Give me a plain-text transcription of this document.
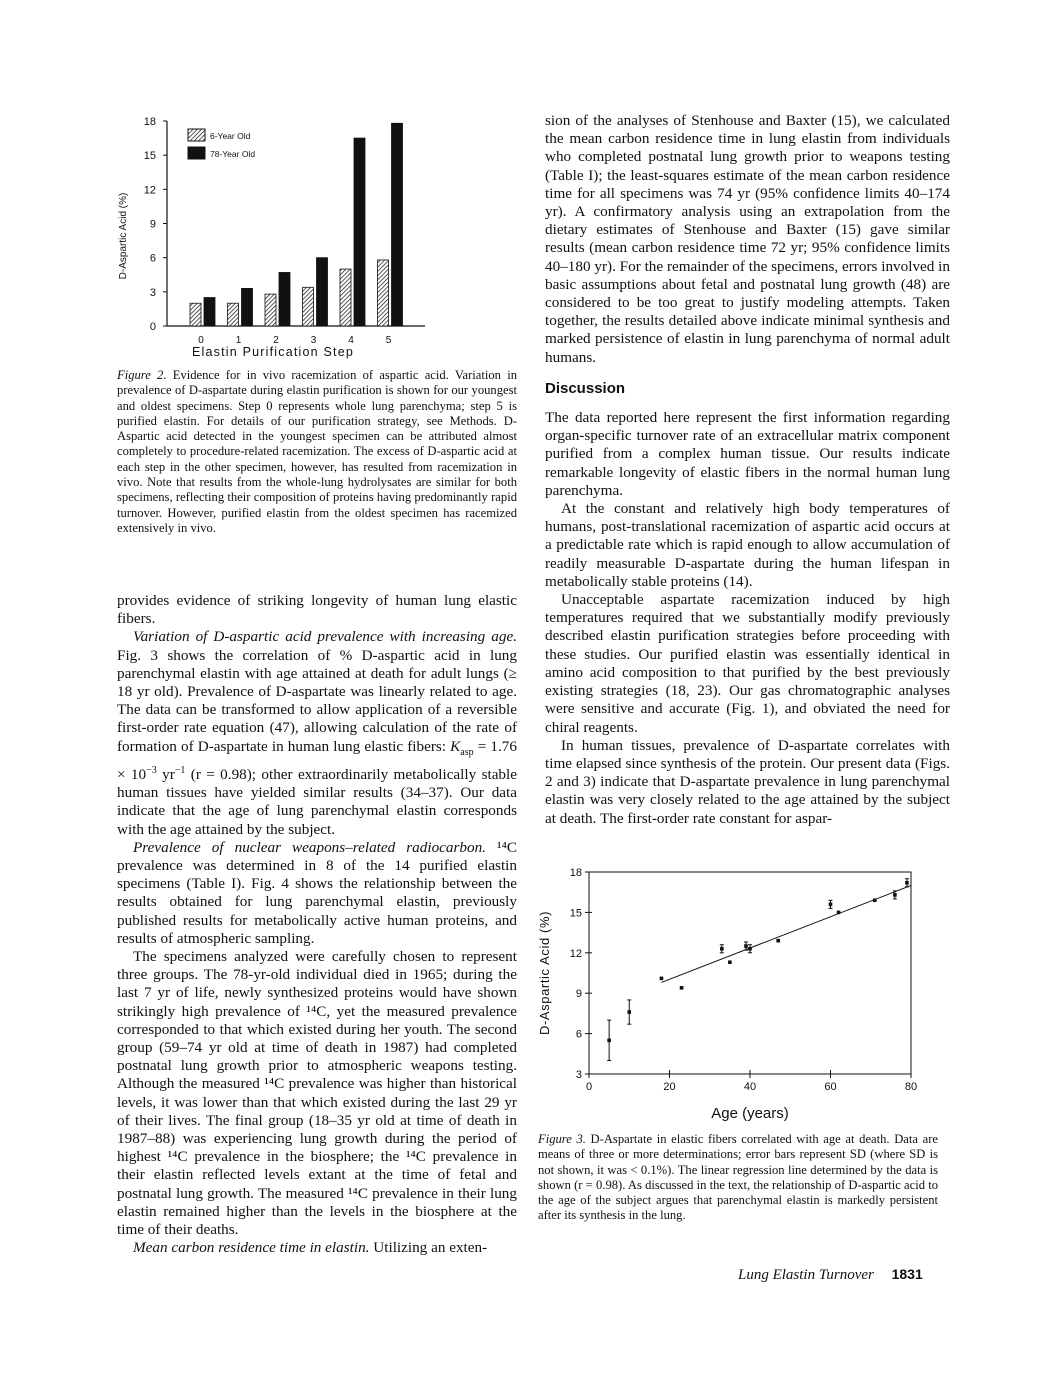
0
3
6
9
12
15
18
0	1	2	3	4	5
6-Year Old
78-Year Old
Elastin Purification Step
D-Aspartic Acid (%)
Figure 2. Evidence for in vivo racemization of aspartic acid. Variation in prevalence of D-aspartate during elastin purification is shown for our youngest and oldest specimens. Step 0 represents whole lung parenchyma; step 5 is purified elastin. For details of our purification strategy, see Methods. D-Aspartic acid detected in the youngest specimen can be attributed almost completely to procedure-related racemization. The excess of D-aspartic acid at each step in the other specimen, however, has resulted from racemization in vivo. Note that results from the whole-lung hydrolysates are similar for both specimens, reflecting their composition of proteins having predominantly rapid turnover. However, purified elastin from the oldest specimen has racemized extensively in vivo.

provides evidence of striking longevity of human lung elastic fibers.

Variation of D-aspartic acid prevalence with increasing age. Fig. 3 shows the correlation of % D-aspartic acid in lung parenchymal elastin with age attained at death for adult lungs (≥ 18 yr old). Prevalence of D-aspartate was linearly related to age. The data can be transformed to allow application of a reversible first-order rate equation (47), allowing calculation of the rate of formation of D-aspartate in human lung elastic fibers: $K_{asp} = 1.76 \times 10^{-3}$ $yr^{-1}$ (r = 0.98); other extraordinarily metabolically stable human tissues have yielded similar results (34–37). Our data indicate that the age of lung parenchymal elastin corresponds with the age attained by the subject.

Prevalence of nuclear weapons–related radiocarbon. ¹⁴C prevalence was determined in 8 of the 14 purified elastin specimens (Table I). Fig. 4 shows the relationship between the results obtained for lung parenchymal elastin, previously published results for metabolically active human proteins, and results of atmospheric sampling.

The specimens analyzed were carefully chosen to represent three groups. The 78-yr-old individual died in 1965; during the last 7 yr of life, newly synthesized proteins would have shown strikingly high prevalence of ¹⁴C, yet the measured prevalence corresponded to that which existed during her youth. The second group (59–74 yr old at time of death in 1987) had completed postnatal lung growth prior to atmospheric weapons testing. Although the measured ¹⁴C prevalence was higher than historical levels, it was lower than that which existed during the last 29 yr of their lives. The final group (18–35 yr old at time of death in 1987–88) was experiencing lung growth during the period of highest ¹⁴C prevalence in the biosphere; the ¹⁴C prevalence in their elastin reflected levels extant at the time of fetal and postnatal lung growth. The measured ¹⁴C prevalence in their lung elastin remained higher than the levels in the biosphere at the time of their deaths.

Mean carbon residence time in elastin. Utilizing an exten-

sion of the analyses of Stenhouse and Baxter (15), we calculated the mean carbon residence time in lung elastin from individuals who completed postnatal lung growth prior to weapons testing (Table I); the least-squares estimate of the mean carbon residence time for all specimens was 74 yr (95% confidence limits 40–174 yr). A confirmatory analysis using an extrapolation from the dietary estimates of Stenhouse and Baxter (15) gave similar results (mean carbon residence time 72 yr; 95% confidence limits 40–180 yr). For the remainder of the specimens, errors involved in basic assumptions about fetal and postnatal lung growth (48) are considered to be too great to justify modeling attempts. Taken together, the results detailed above indicate minimal synthesis and marked persistence of elastin in lung parenchyma of normal adult humans.

Discussion

The data reported here represent the first information regarding organ-specific turnover rate of an extracellular matrix component purified from a complex human tissue. Our results indicate remarkable longevity of elastic fibers in the normal human lung parenchyma.

At the constant and relatively high body temperatures of humans, post-translational racemization of aspartic acid occurs at a predictable rate which is rapid enough to allow accumulation of readily measurable D-aspartate during the human lifespan in metabolically stable proteins (14).

Unacceptable aspartate racemization induced by high temperatures required that we substantially modify previously described elastin purification strategies before proceeding with these studies. Our purified elastin was essentially identical in amino acid composition to that purified by the best previously existing strategies (18, 23). Our gas chromatographic analyses were sensitive and accurate (Fig. 1), and obviated the need for chiral reagents.

In human tissues, prevalence of D-aspartate correlates with time elapsed since synthesis of the protein. Our present data (Figs. 2 and 3) indicate that D-aspartate prevalence in lung parenchymal elastin was very closely related to the age attained by the subject at death. The first-order rate constant for aspar-

0	20	40	60	80
3
6
9
12
15
18
Age (years)
D-Aspartic Acid (%)
Figure 3. D-Aspartate in elastic fibers correlated with age at death. Data are means of three or more determinations; error bars represent SD (where SD is not shown, it was < 0.1%). The linear regression line determined by the data is shown (r = 0.98). As discussed in the text, the relationship of D-aspartic acid to the age of the subject argues that parenchymal elastin is markedly persistent after its synthesis in the lung.
Lung Elastin Turnover 1831
